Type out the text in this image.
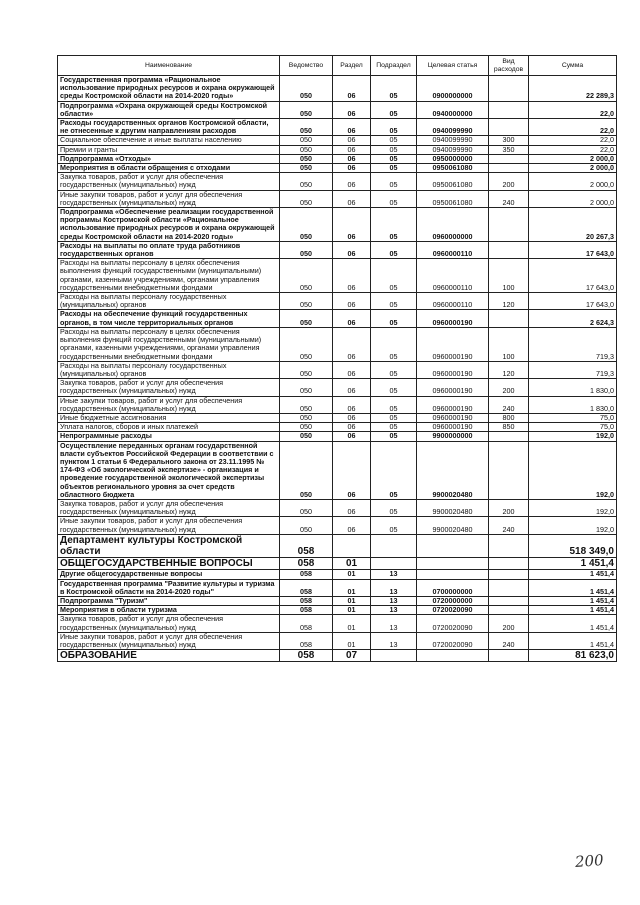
Наименование	Ведомство	Раздел	Подраздел	Целевая статья	Вид расходов	Сумма
Государственная программа «Рациональное использование природных ресурсов и охрана окружающей среды Костромской области на 2014-2020 годы»	050	06	05	0900000000		22 289,3
Подпрограмма «Охрана окружающей среды Костромской области»	050	06	05	0940000000		22,0
Расходы государственных органов Костромской области, не отнесенные к другим направлениям расходов	050	06	05	0940099990		22,0
Социальное обеспечение и иные выплаты населению	050	06	05	0940099990	300	22,0
Премии и гранты	050	06	05	0940099990	350	22,0
Подпрограмма «Отходы»	050	06	05	0950000000		2 000,0
Мероприятия в области обращения с отходами	050	06	05	0950061080		2 000,0
Закупка товаров, работ и услуг для обеспечения государственных (муниципальных) нужд	050	06	05	0950061080	200	2 000,0
Иные закупки товаров, работ и услуг для обеспечения государственных (муниципальных) нужд	050	06	05	0950061080	240	2 000,0
Подпрограмма «Обеспечение реализации государственной программы Костромской области «Рациональное использование природных ресурсов и охрана окружающей среды Костромской области на 2014-2020 годы»	050	06	05	0960000000		20 267,3
Расходы на выплаты по оплате труда работников государственных органов	050	06	05	0960000110		17 643,0
Расходы на выплаты персоналу в целях обеспечения выполнения функций государственными (муниципальными) органами, казенными учреждениями, органами управления государственными внебюджетными фондами	050	06	05	0960000110	100	17 643,0
Расходы на выплаты персоналу государственных (муниципальных) органов	050	06	05	0960000110	120	17 643,0
Расходы на обеспечение функций государственных органов, в том числе территориальных органов	050	06	05	0960000190		2 624,3
Расходы на выплаты персоналу в целях обеспечения выполнения функций государственными (муниципальными) органами, казенными учреждениями, органами управления государственными внебюджетными фондами	050	06	05	0960000190	100	719,3
Расходы на выплаты персоналу государственных (муниципальных) органов	050	06	05	0960000190	120	719,3
Закупка товаров, работ и услуг для обеспечения государственных (муниципальных) нужд	050	06	05	0960000190	200	1 830,0
Иные закупки товаров, работ и услуг для обеспечения государственных (муниципальных) нужд	050	06	05	0960000190	240	1 830,0
Иные бюджетные ассигнования	050	06	05	0960000190	800	75,0
Уплата налогов, сборов и иных платежей	050	06	05	0960000190	850	75,0
Непрограммные расходы	050	06	05	9900000000		192,0
Осуществление переданных органам государственной власти субъектов Российской Федерации в соответствии с пунктом 1 статьи 6 Федерального закона от 23.11.1995 № 174-ФЗ «Об экологической экспертизе» - организация и проведение государственной экологической экспертизы объектов регионального уровня за счет средств областного бюджета	050	06	05	9900020480		192,0
Закупка товаров, работ и услуг для обеспечения государственных (муниципальных) нужд	050	06	05	9900020480	200	192,0
Иные закупки товаров, работ и услуг для обеспечения государственных (муниципальных) нужд	050	06	05	9900020480	240	192,0
Департамент культуры Костромской области	058					518 349,0
ОБЩЕГОСУДАРСТВЕННЫЕ ВОПРОСЫ	058	01				1 451,4
Другие общегосударственные вопросы	058	01	13			1 451,4
Государственная программа "Развитие культуры и туризма в Костромской области на 2014-2020 годы"	058	01	13	0700000000		1 451,4
Подпрограмма "Туризм"	058	01	13	0720000000		1 451,4
Мероприятия в области туризма	058	01	13	0720020090		1 451,4
Закупка товаров, работ и услуг для обеспечения государственных (муниципальных) нужд	058	01	13	0720020090	200	1 451,4
Иные закупки товаров, работ и услуг для обеспечения государственных (муниципальных) нужд	058	01	13	0720020090	240	1 451,4
ОБРАЗОВАНИЕ	058	07				81 623,0
200
